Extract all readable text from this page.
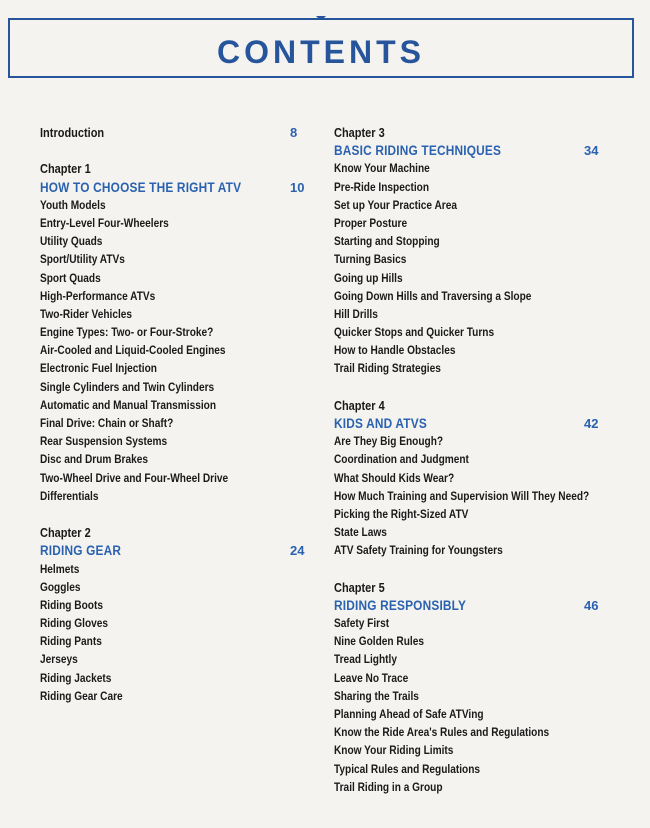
CONTENTS
Introduction	8
Chapter 1
HOW TO CHOOSE THE RIGHT ATV	10
Youth Models
Entry-Level Four-Wheelers
Utility Quads
Sport/Utility ATVs
Sport Quads
High-Performance ATVs
Two-Rider Vehicles
Engine Types: Two- or Four-Stroke?
Air-Cooled and Liquid-Cooled Engines
Electronic Fuel Injection
Single Cylinders and Twin Cylinders
Automatic and Manual Transmission
Final Drive: Chain or Shaft?
Rear Suspension Systems
Disc and Drum Brakes
Two-Wheel Drive and Four-Wheel Drive
Differentials
Chapter 2
RIDING GEAR	24
Helmets
Goggles
Riding Boots
Riding Gloves
Riding Pants
Jerseys
Riding Jackets
Riding Gear Care
Chapter 3
BASIC RIDING TECHNIQUES	34
Know Your Machine
Pre-Ride Inspection
Set up Your Practice Area
Proper Posture
Starting and Stopping
Turning Basics
Going up Hills
Going Down Hills and Traversing a Slope
Hill Drills
Quicker Stops and Quicker Turns
How to Handle Obstacles
Trail Riding Strategies
Chapter 4
KIDS AND ATVS	42
Are They Big Enough?
Coordination and Judgment
What Should Kids Wear?
How Much Training and Supervision Will They Need?
Picking the Right-Sized ATV
State Laws
ATV Safety Training for Youngsters
Chapter 5
RIDING RESPONSIBLY	46
Safety First
Nine Golden Rules
Tread Lightly
Leave No Trace
Sharing the Trails
Planning Ahead of Safe ATVing
Know the Ride Area's Rules and Regulations
Know Your Riding Limits
Typical Rules and Regulations
Trail Riding in a Group
